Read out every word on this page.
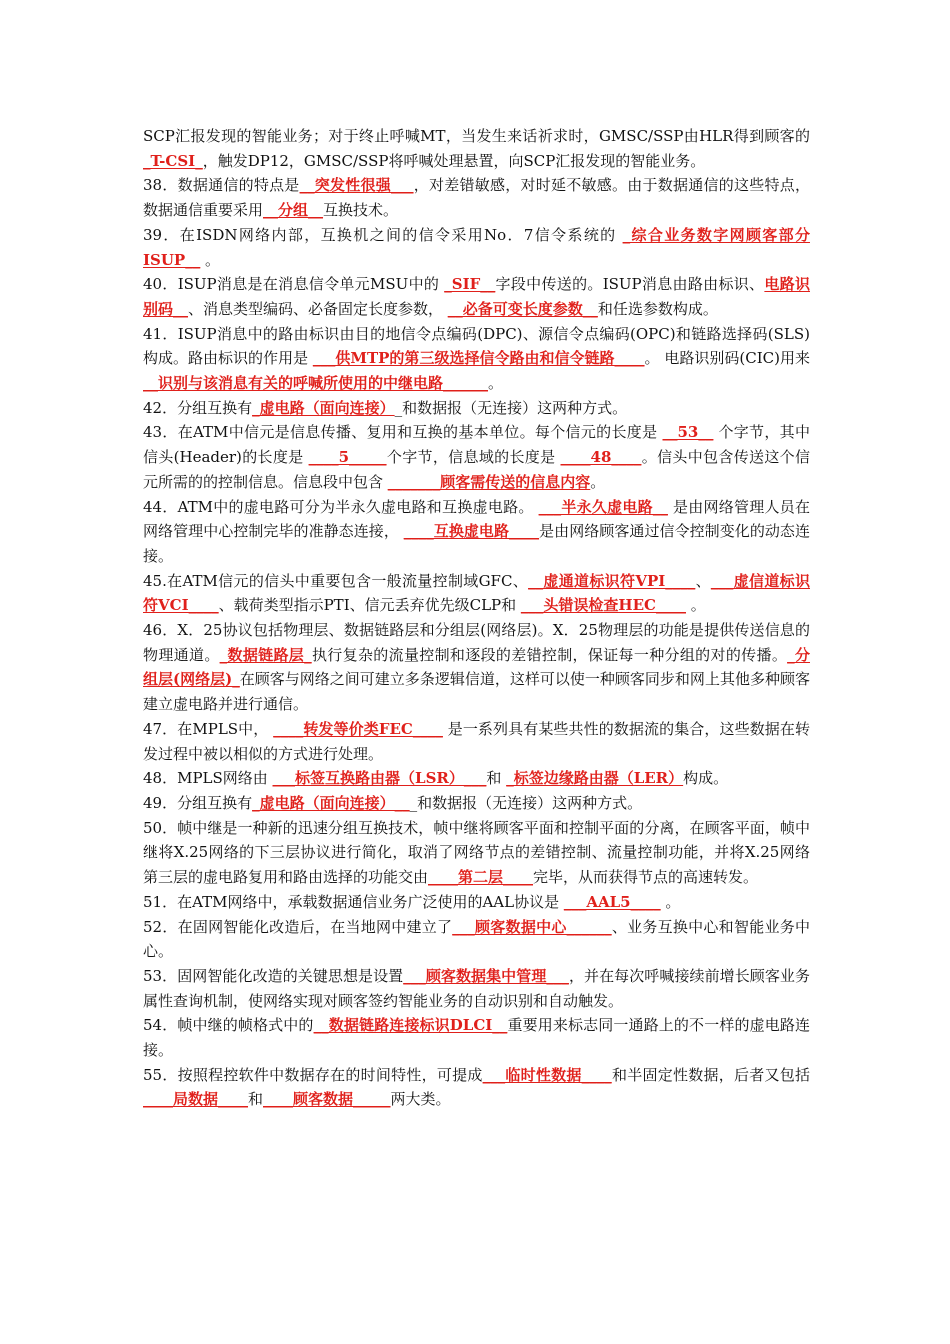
SCP汇报发现的智能业务；对于终止呼喊MT，当发生来话祈求时，GMSC/SSP由HLR得到顾客的_T-CSI_，触发DP12，GMSC/SSP将呼喊处理悬置，向SCP汇报发现的智能业务。

38．数据通信的特点是__突发性很强___，对差错敏感，对时延不敏感。由于数据通信的这些特点，数据通信重要采用__分组__互换技术。

39．在ISDN网络内部，互换机之间的信令采用No．7信令系统的 _综合业务数字网顾客部分ISUP__ 。

40．ISUP消息是在消息信令单元MSU中的 _SIF__字段中传送的。ISUP消息由路由标识、电路识别码__、消息类型编码、必备固定长度参数， __必备可变长度参数__和任选参数构成。

41．ISUP消息中的路由标识由目的地信令点编码(DPC)、源信令点编码(OPC)和链路选择码(SLS)构成。路由标识的作用是 ___供MTP的第三级选择信令路由和信令链路____。 电路识别码(CIC)用来 __识别与该消息有关的呼喊所使用的中继电路______。

42．分组互换有_虚电路（面向连接）_和数据报（无连接）这两种方式。

43．在ATM中信元是信息传播、复用和互换的基本单位。每个信元的长度是 __53__ 个字节，其中信头(Header)的长度是 ____5_____个字节，信息域的长度是 ____48____。信头中包含传送这个信元所需的的控制信息。信息段中包含 _______顾客需传送的信息内容。

44．ATM中的虚电路可分为半永久虚电路和互换虚电路。 ___半永久虚电路__ 是由网络管理人员在网络管理中心控制完毕的准静态连接， ____互换虚电路____是由网络顾客通过信令控制变化的动态连接。

45.在ATM信元的信头中重要包含一般流量控制域GFC、__虚通道标识符VPI____、___虚信道标识符VCI____、载荷类型指示PTI、信元丢弃优先级CLP和 ___头错误检查HEC____ 。

46．X．25协议包括物理层、数据链路层和分组层(网络层)。X．25物理层的功能是提供传送信息的物理通道。_数据链路层_执行复杂的流量控制和逐段的差错控制，保证每一种分组的对的传播。_分组层(网络层)_在顾客与网络之间可建立多条逻辑信道，这样可以使一种顾客同步和网上其他多种顾客建立虚电路并进行通信。

47．在MPLS中， ____转发等价类FEC____ 是一系列具有某些共性的数据流的集合，这些数据在转发过程中被以相似的方式进行处理。

48．MPLS网络由 ___标签互换路由器（LSR）___和 _标签边缘路由器（LER）构成。

49．分组互换有_虚电路（面向连接）___和数据报（无连接）这两种方式。

50．帧中继是一种新的迅速分组互换技术，帧中继将顾客平面和控制平面的分离，在顾客平面，帧中继将X.25网络的下三层协议进行简化，取消了网络节点的差错控制、流量控制功能，并将X.25网络第三层的虚电路复用和路由选择的功能交由____第二层____完毕，从而获得节点的高速转发。

51．在ATM网络中，承载数据通信业务广泛使用的AAL协议是 ___AAL5____ 。

52．在固网智能化改造后，在当地网中建立了___顾客数据中心______、业务互换中心和智能业务中心。

53．固网智能化改造的关键思想是设置___顾客数据集中管理___，并在每次呼喊接续前增长顾客业务属性查询机制，使网络实现对顾客签约智能业务的自动识别和自动触发。

54．帧中继的帧格式中的__数据链路连接标识DLCI__重要用来标志同一通路上的不一样的虚电路连接。

55．按照程控软件中数据存在的时间特性，可提成___临时性数据____和半固定性数据，后者又包括____局数据____和____顾客数据_____两大类。
